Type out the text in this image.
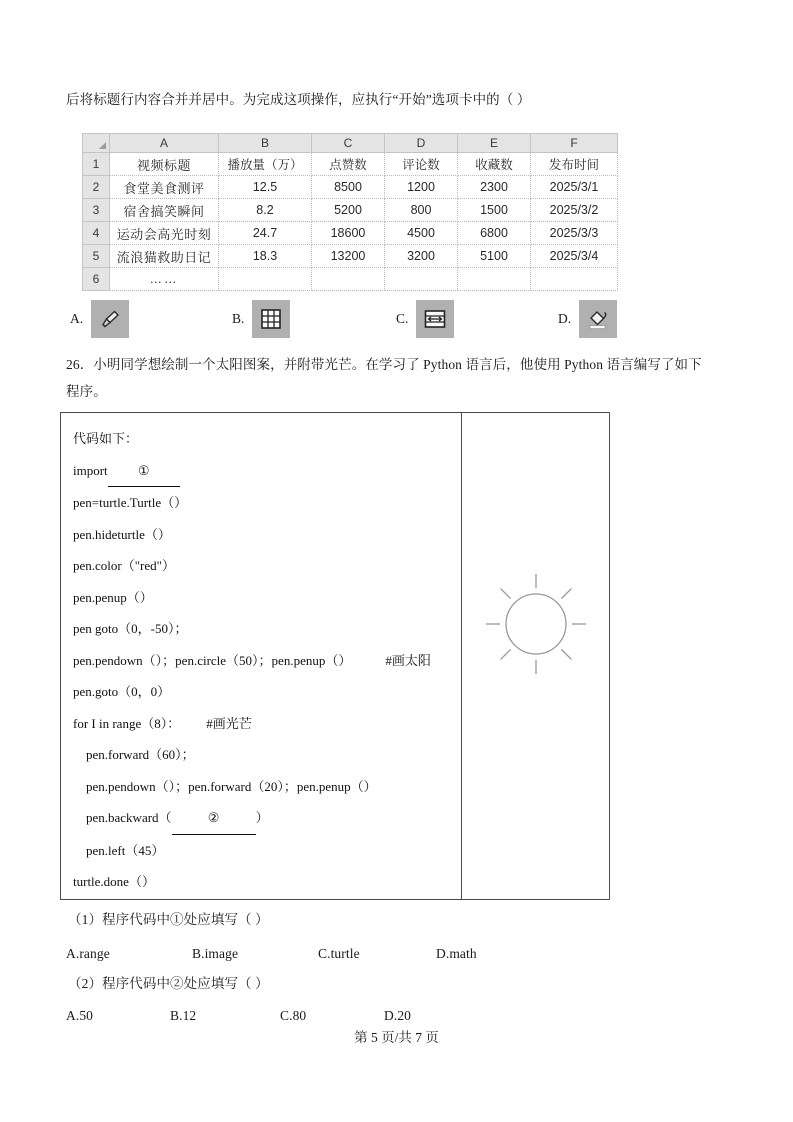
后将标题行内容合并并居中。为完成这项操作，应执行“开始”选项卡中的（ ）
	A	B	C	D	E	F
1	视频标题	播放量（万）	点赞数	评论数	收藏数	发布时间
2	食堂美食测评	12.5	8500	1200	2300	2025/3/1
3	宿舍搞笑瞬间	8.2	5200	800	1500	2025/3/2
4	运动会高光时刻	24.7	18600	4500	6800	2025/3/3
5	流浪猫救助日记	18.3	13200	3200	5100	2025/3/4
6	……					
A.	B.	C.	D.
26．小明同学想绘制一个太阳图案，并附带光芒。在学习了 Python 语言后，他使用 Python 语言编写了如下
程序。
代码如下：
import ①
pen=turtle.Turtle（）
pen.hideturtle（）
pen.color（"red"）
pen.penup（）
pen goto（0，-50）；
pen.pendown（）；pen.circle（50）；pen.penup（）	#画太阳
pen.goto（0，0）
for I in range（8）： #画光芒
pen.forward（60）；
pen.pendown（）；pen.forward（20）；pen.penup（）
pen.backward（	②	）
pen.left（45）
turtle.done（）
（1）程序代码中①处应填写（ ）
A.range	B.image	C.turtle	D.math
（2）程序代码中②处应填写（ ）
A.50	B.12	C.80	D.20
第 5 页/共 7 页
